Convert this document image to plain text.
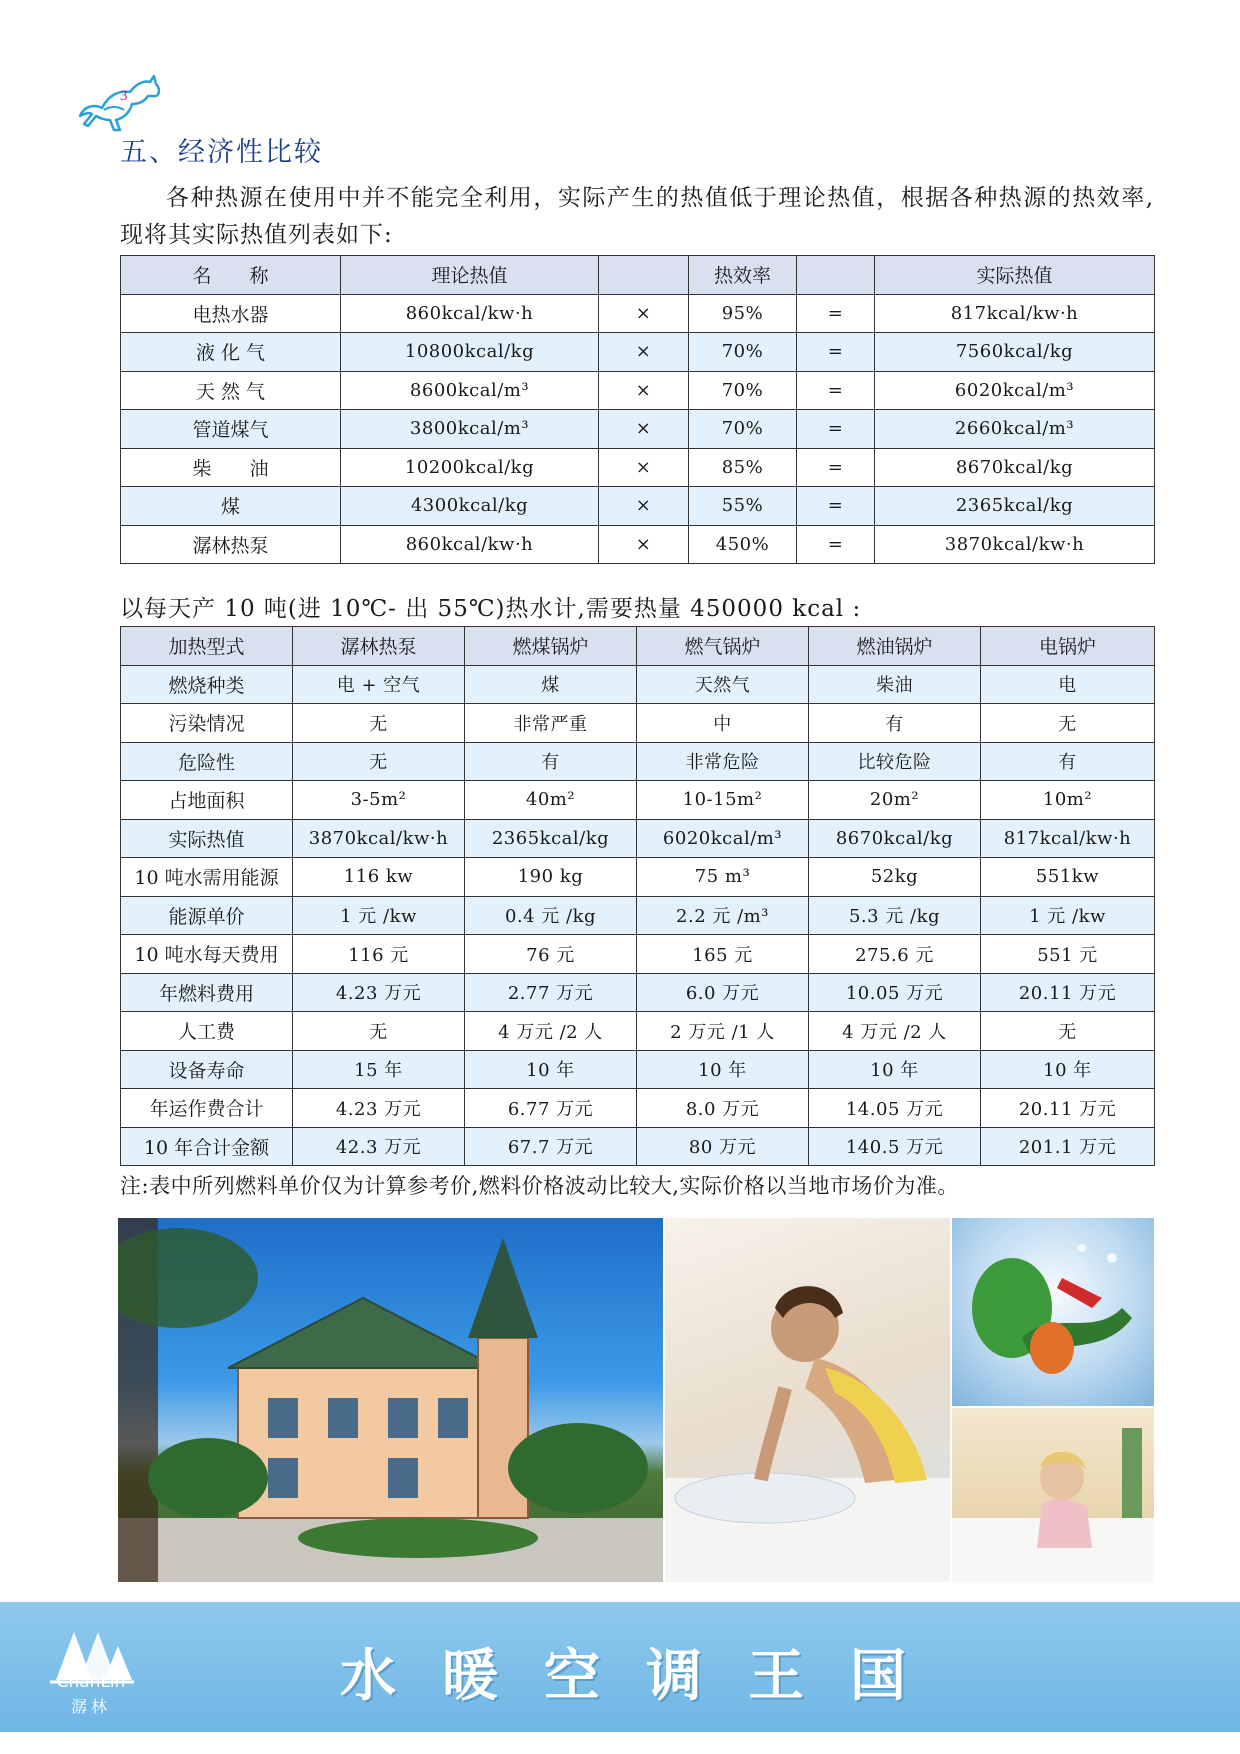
3
五、经济性比较

各种热源在使用中并不能完全利用，实际产生的热值低于理论热值，根据各种热源的热效率,现将其实际热值列表如下:

名　　称	理论热值		热效率		实际热值
电热水器	860kcal/kw·h	×	95%	=	817kcal/kw·h
液 化 气	10800kcal/kg	×	70%	=	7560kcal/kg
天 然 气	8600kcal/m³	×	70%	=	6020kcal/m³
管道煤气	3800kcal/m³	×	70%	=	2660kcal/m³
柴　　油	10200kcal/kg	×	85%	=	8670kcal/kg
煤	4300kcal/kg	×	55%	=	2365kcal/kg
潺林热泵	860kcal/kw·h	×	450%	=	3870kcal/kw·h
以每天产 10 吨(进 10℃- 出 55℃)热水计,需要热量 450000 kcal :
加热型式	潺林热泵	燃煤锅炉	燃气锅炉	燃油锅炉	电锅炉
燃烧种类	电 + 空气	煤	天然气	柴油	电
污染情况	无	非常严重	中	有	无
危险性	无	有	非常危险	比较危险	有
占地面积	3-5m²	40m²	10-15m²	20m²	10m²
实际热值	3870kcal/kw·h	2365kcal/kg	6020kcal/m³	8670kcal/kg	817kcal/kw·h
10 吨水需用能源	116 kw	190 kg	75 m³	52kg	551kw
能源单价	1 元 /kw	0.4 元 /kg	2.2 元 /m³	5.3 元 /kg	1 元 /kw
10 吨水每天费用	116 元	76 元	165 元	275.6 元	551 元
年燃料费用	4.23 万元	2.77 万元	6.0 万元	10.05 万元	20.11 万元
人工费	无	4 万元 /2 人	2 万元 /1 人	4 万元 /2 人	无
设备寿命	15 年	10 年	10 年	10 年	10 年
年运作费合计	4.23 万元	6.77 万元	8.0 万元	14.05 万元	20.11 万元
10 年合计金额	42.3 万元	67.7 万元	80 万元	140.5 万元	201.1 万元
注:表中所列燃料单价仅为计算参考价,燃料价格波动比较大,实际价格以当地市场价为准。
ChanLin
潺林	水暖空调王国
